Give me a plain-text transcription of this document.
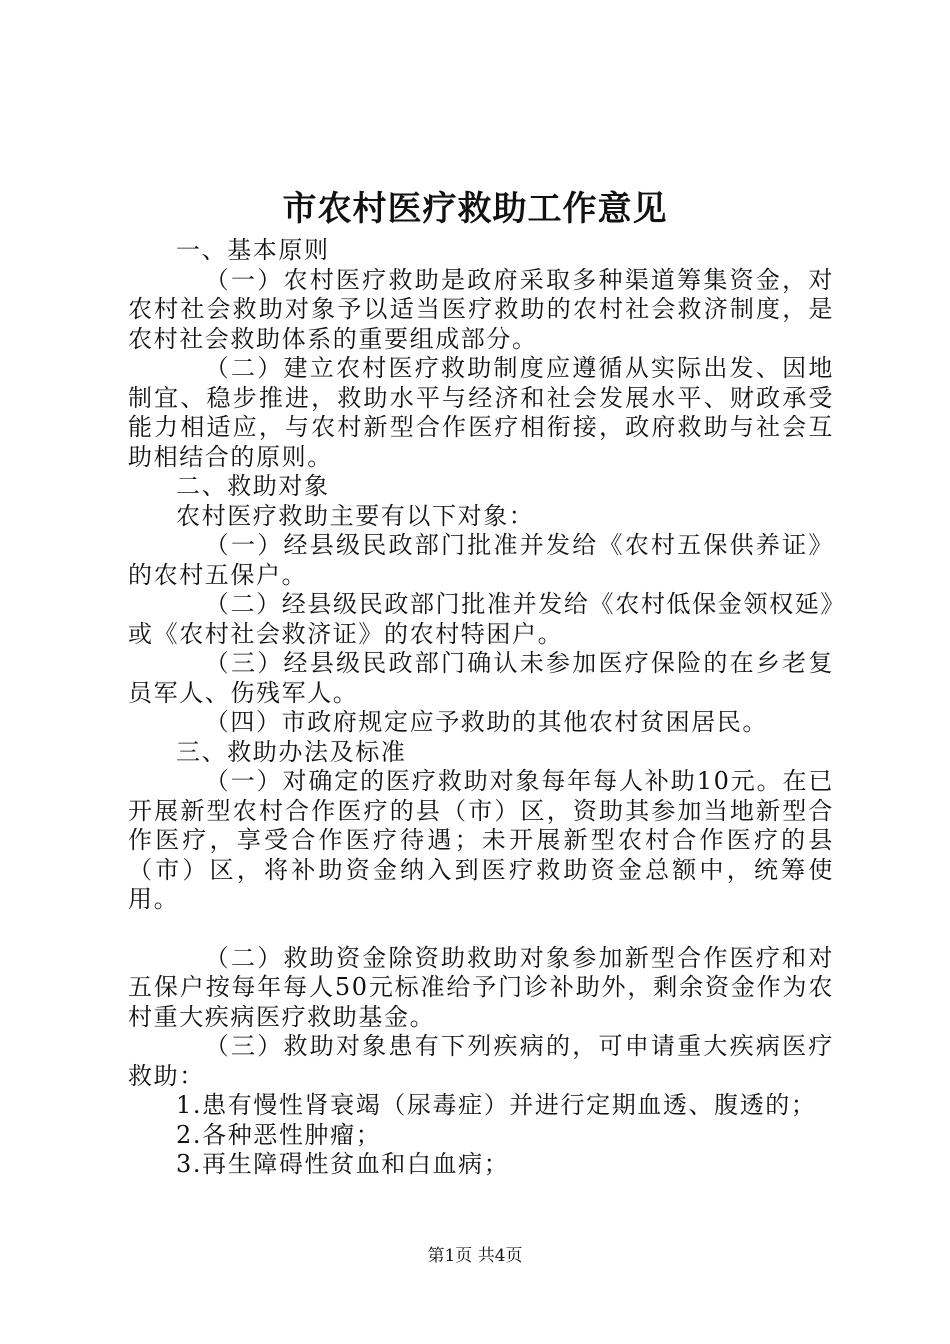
市农村医疗救助工作意见

一、基本原则

（一）农村医疗救助是政府采取多种渠道筹集资金，对农村社会救助对象予以适当医疗救助的农村社会救济制度，是农村社会救助体系的重要组成部分。

（二）建立农村医疗救助制度应遵循从实际出发、因地制宜、稳步推进，救助水平与经济和社会发展水平、财政承受能力相适应，与农村新型合作医疗相衔接，政府救助与社会互助相结合的原则。

二、救助对象

农村医疗救助主要有以下对象：

（一）经县级民政部门批准并发给《农村五保供养证》的农村五保户。

（二）经县级民政部门批准并发给《农村低保金领权延》或《农村社会救济证》的农村特困户。

（三）经县级民政部门确认未参加医疗保险的在乡老复员军人、伤残军人。

（四）市政府规定应予救助的其他农村贫困居民。

三、救助办法及标准

（一）对确定的医疗救助对象每年每人补助10元。在已开展新型农村合作医疗的县（市）区，资助其参加当地新型合作医疗，享受合作医疗待遇；未开展新型农村合作医疗的县（市）区，将补助资金纳入到医疗救助资金总额中，统筹使用。

（二）救助资金除资助救助对象参加新型合作医疗和对五保户按每年每人50元标准给予门诊补助外，剩余资金作为农村重大疾病医疗救助基金。

（三）救助对象患有下列疾病的，可申请重大疾病医疗救助：

1.患有慢性肾衰竭（尿毒症）并进行定期血透、腹透的；

2.各种恶性肿瘤；

3.再生障碍性贫血和白血病；

第1页 共4页
